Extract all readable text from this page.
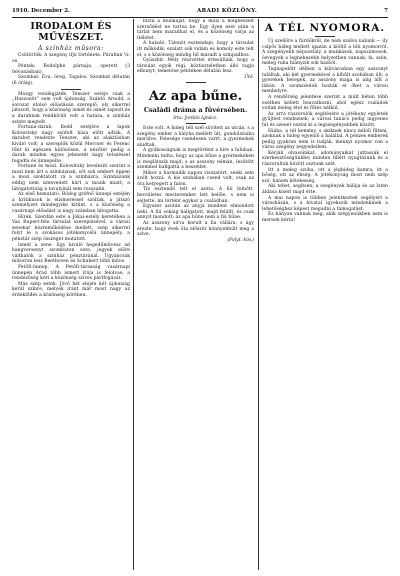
1910. December 2.	ARADI KÖZLÖNY.	7
IRODALOM ÉS MŰVÉSZET.
A színház műsora:

Csütörtök: A szegény ifjú története. Páratlan ¼-os.

Péntek: Rodolphe párnaja, operett (3 felvonásban).

Szombat: Éva, öreg, Tagalos. Szombat délután (6 óráig).

Mozgy vendégjáték. Tenszer estéje csak a „Huszonöt” sem volt újdonság. Szántó Arnold, a sorozat utolsó előadásán szereplő, oly sikerrel játszott, hogy a közönség ismét és ismét tapsolt és a darabnak rendkívüli volt a hatása, a színház szinte megtelt.

Fortuna-darab. Kedd estéjére a lapok Kolowitsky nagy zsúfolt háza előtt adták. A darabot rendezte Tenszer, aki az alakításban kiváló volt; a szereplők közül Mercser és Ferenc tűnt ki egészen különösen, a nézőtér pedig a darab minden egyes jelenetét nagy tetszéssel fogadta és ünnepelte.

Fortuné és mozi. Kolowitsky leveleziti szerint a mozi nem árt a színháznak, sőt sok embert éppen a mozi szoktatott rá a színházra. Színházunk eddig nem szenvedett kárt a mozik miatt; a látogatottság a tavalyinál sem rosszabb.

Az első bemutató. Bódog grófnő ünnepi estéjén a kritikusok is elismeréssel szóltak, a játszó személyzet mindegyike kitűnt, s a közönség a vasárnapi előadást is nagy számban látogatta.

Hírek. Szerdán este a Jókai-estély keretében a Vas Rupert-féle társulat szereplésével, a városi zenekar közreműködése mellett, szép sikerrel folyt le a szokásos jótékonycélú ünnepély, a pénztár szép összeget mutatott.

Ismét a zene. Egy kiváló hegedűművész ad hangversenyt szombaton este; jegyek előre válthatók a színház pénztáránál. Ugyancsak műsoron lesz Beethoven és Schubert több műve.

Petőfi-ünnep. A Petőfi-társaság vasárnapi ünnepén Arad több ismert írója is felolvas; a rendezőség kéri a közönség szíves pártfogását.

Más szép esték. Jövő hét elején két újdonság kerül színre, melyek iránt már most nagy az érdeklődés a közönség körében.

bízta a munkáját, hogy a mozi a megbeszélt szerződést ne tartsa be. Egy ilyen eset után a tárlat nem maradhat el, és a közönség várja az ítéletet.

A haladó. Tizenöt esztendeje, hogy a társulat itt működik; ezalatt sok vidám és komoly este telt el, s a közönség mindig hű maradt a színpadhoz.

Gyászhír. Mély részvéttel értesülünk, hogy a társulat egyik régi, köztiszteletben álló tagja elhunyt; temetése pénteken délután lesz.

Ütő.

Az apa bűne.
Családi dráma a füvérsében.
Irta: Jordán Ignácz.

Este volt. A hideg téli szél süvített az utcán, s a szegény ember a kályha mellett ült, gondolataiba merülve. Felesége csendesen varrt, a gyermekek aludtak.

A gyilkosságnak is megtörtént a híre a faluban. Mindenki tudta, hogy az apa bűne a gyermekeken is meglátszik majd; s az asszony némán, lesütött szemmel hallgatta a beszédet.

Mikor a harmadik napon visszatért, senki sem szólt hozzá. A kis szobában csend volt, csak az óra ketyegett a falon.

Tíz esztendő telt el azóta. A fiú felnőtt, becsületes mesterember lett belőle, s nem is sejtette, mi történt egykor a családban.

Egyszer azután az anyja mindent elmondott neki. A fiú sokáig hallgatott, majd felállt, és csak annyit mondott: az apa bűne nem a fiú bűne.

Az asszony sírva borult a fia vállára, s úgy érezte, hogy évek óta először könnyebbült meg a szíve.

(Folyt. köv.)

A TÉL NYOMORA.

Új szellőre a fürdőkről, de nem szólva nálunk — ily csípős hideg mellett igazán a kiöltő a téli nyomorról. A szegényebb néposztály, a munkások, napszámosok, özvegyek a legnehezebb helyzetben vannak; fa, szén, meleg ruha hiányzik sok házból.

Tegnapelőtt délben a külvárosban egy asszonyt találtak, aki két gyermekével a kihűlt szobában ült; a gyerekek betegek, az asszony maga is alig állt a lábán. A szomszédok hozták el őket a városi menhelyre.

A rendőrség jelentése szerint a múlt héten több esetben kellett beavatkozni, ahol egész családok voltak meleg étel és fűtés nélkül.

Az arra rászorulók segítésére a jótékony egyletek gyűjtést rendeznek; a városi tanács pedig ingyenes fát és szenet osztat ki a legszegényebbek között.

Hiába, a tél kemény, s akiknek nincs miből fűteni, azoknak a hideg egyenlő a halállal. A pénzes emberek pedig gyakran nem is tudják, mennyi nyomor van a város szegény negyedeiben.

Kérjük olvasóinkat, adományaikat juttassák el szerkesztőségünkbe; minden fillért nyugtázunk és a rászorultak között osztunk szét.

Itt a meleg szoba, ott a jéghideg kamra; itt a bőség, ott az éhség. A jótékonyság most nem szép szó, hanem kötelesség.

Aki tehet, segítsen; a szegények hálája és az Isten áldása kíséri majd érte.

A mai napon is többen jelentkeztek segélyért a városházán, s a hivatal igyekszik mindenkinek a lehetőséghez képest megadni a támogatást.

És hányan vannak még, akik szégyenükben nem is mernek kérni!
